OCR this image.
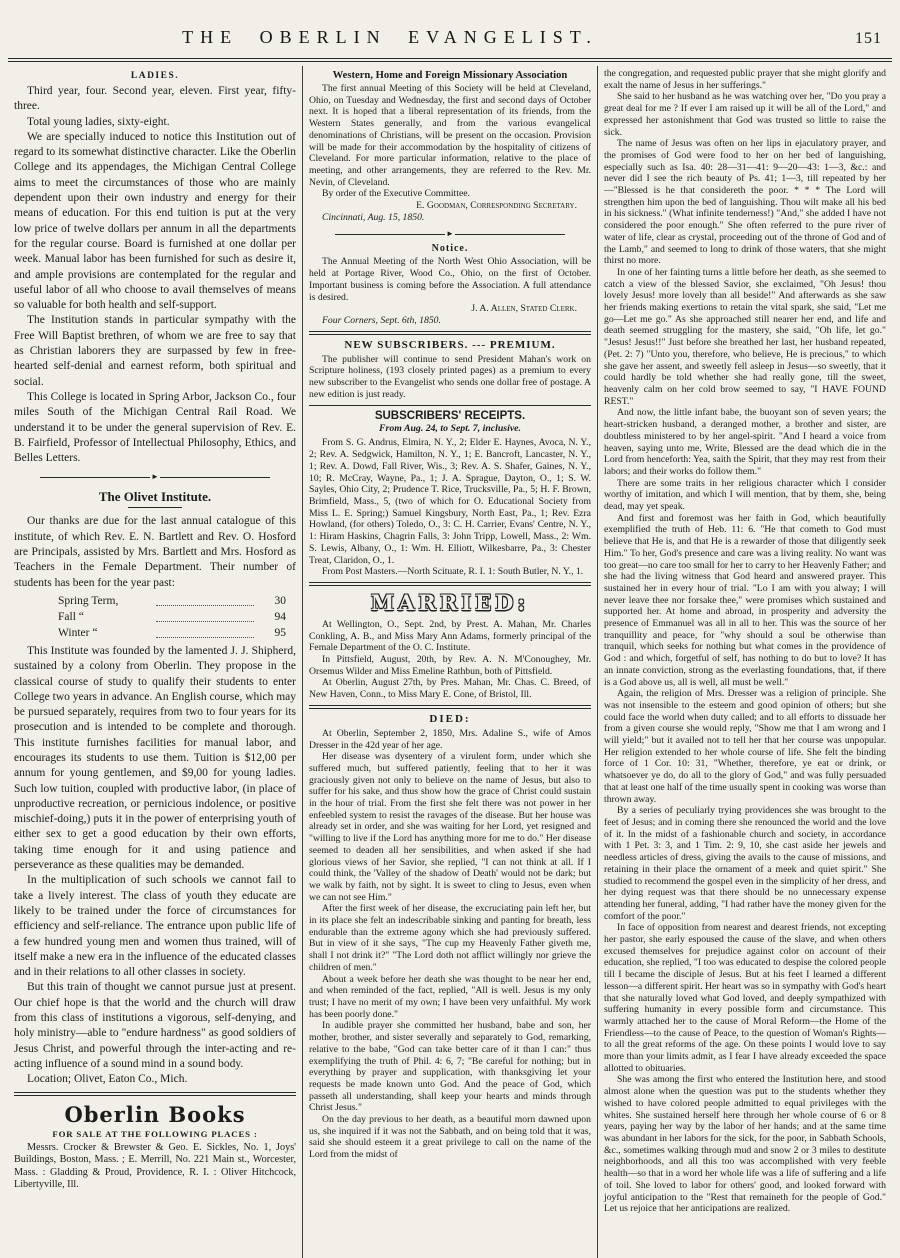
THE OBERLIN EVANGELIST.	151
LADIES.

Third year, four. Second year, eleven. First year, fifty-three.

Total young ladies, sixty-eight.

We are specially induced to notice this Institution out of regard to its somewhat distinctive character. Like the Oberlin College and its appendages, the Michigan Central College aims to meet the circumstances of those who are mainly dependent upon their own industry and energy for their means of education. For this end tuition is put at the very low price of twelve dollars per annum in all the departments for the regular course. Board is furnished at one dollar per week. Manual labor has been furnished for such as desire it, and ample provisions are contemplated for the regular and useful labor of all who choose to avail themselves of means so valuable for both health and self-support.

The Institution stands in particular sympathy with the Free Will Baptist brethren, of whom we are free to say that as Christian laborers they are surpassed by few in free-hearted self-denial and earnest reform, both spiritual and social.

This College is located in Spring Arbor, Jackson Co., four miles South of the Michigan Central Rail Road. We understand it to be under the general supervision of Rev. E. B. Fairfield, Professor of Intellectual Philosophy, Ethics, and Belles Letters.

►
The Olivet Institute.

Our thanks are due for the last annual catalogue of this institute, of which Rev. E. N. Bartlett and Rev. O. Hosford are Principals, assisted by Mrs. Bartlett and Mrs. Hosford as Teachers in the Female Department. Their number of students has been for the year past:

Spring Term,	30
Fall “	94
Winter “	95

This Institute was founded by the lamented J. J. Shipherd, sustained by a colony from Oberlin. They propose in the classical course of study to qualify their students to enter College two years in advance. An English course, which may be pursued separately, requires from two to four years for its prosecution and is intended to be complete and thorough. This institute furnishes facilities for manual labor, and encourages its students to use them. Tuition is $12,00 per annum for young gentlemen, and $9,00 for young ladies. Such low tuition, coupled with productive labor, (in place of unproductive recreation, or pernicious indolence, or positive mischief-doing,) puts it in the power of enterprising youth of either sex to get a good education by their own efforts, taking time enough for it and using patience and perseverance as these qualities may be demanded.

In the multiplication of such schools we cannot fail to take a lively interest. The class of youth they educate are likely to be trained under the force of circumstances for efficiency and self-reliance. The entrance upon public life of a few hundred young men and women thus trained, will of itself make a new era in the influence of the educated classes and in their relations to all other classes in society.

But this train of thought we cannot pursue just at present. Our chief hope is that the world and the church will draw from this class of institutions a vigorous, self-denying, and holy ministry—able to "endure hardness" as good soldiers of Jesus Christ, and powerful through the inter-acting and re-acting influence of a sound mind in a sound body.

Location; Olivet, Eaton Co., Mich.

Oberlin Books
FOR SALE AT THE FOLLOWING PLACES :

Messrs. Crocker & Brewster & Geo. E. Sickles, No. 1, Joys' Buildings, Boston, Mass. ; E. Merrill, No. 221 Main st., Worcester, Mass. : Gladding & Proud, Providence, R. I. : Oliver Hitchcock, Libertyville, Ill.

Western, Home and Foreign Missionary Association

The first annual Meeting of this Society will be held at Cleveland, Ohio, on Tuesday and Wednesday, the first and second days of October next. It is hoped that a liberal representation of its friends, from the Western States generally, and from the various evangelical denominations of Christians, will be present on the occasion. Provision will be made for their accommodation by the hospitality of citizens of Cleveland. For more particular information, relative to the place of meeting, and other arrangements, they are referred to the Rev. Mr. Nevin, of Cleveland.

By order of the Executive Committee.

E. Goodman, Corresponding Secretary.

Cincinnati, Aug. 15, 1850.

►
Notice.

The Annual Meeting of the North West Ohio Association, will be held at Portage River, Wood Co., Ohio, on the first of October. Important business is coming before the Association. A full attendance is desired.

J. A. Allen, Stated Clerk.

Four Corners, Sept. 6th, 1850.

NEW SUBSCRIBERS. --- PREMIUM.

The publisher will continue to send President Mahan's work on Scripture holiness, (193 closely printed pages) as a premium to every new subscriber to the Evangelist who sends one dollar free of postage. A new edition is just ready.

SUBSCRIBERS' RECEIPTS.
From Aug. 24, to Sept. 7, inclusive.

From S. G. Andrus, Elmira, N. Y., 2; Elder E. Haynes, Avoca, N. Y., 2; Rev. A. Sedgwick, Hamilton, N. Y., 1; E. Bancroft, Lancaster, N. Y., 1; Rev. A. Dowd, Fall River, Wis., 3; Rev. A. S. Shafer, Gaines, N. Y., 10; R. McCray, Wayne, Pa., 1; J. A. Sprague, Dayton, O., 1; S. W. Sayles, Ohio City, 2; Prudence T. Rice, Trucksville, Pa., 5; H. F. Brown, Brimfield, Mass., 5, (two of which for O. Educational Society from Miss L. E. Spring;) Samuel Kingsbury, North East, Pa., 1; Rev. Ezra Howland, (for others) Toledo, O., 3: C. H. Carrier, Evans' Centre, N. Y., 1: Hiram Haskins, Chagrin Falls, 3: John Tripp, Lowell, Mass., 2: Wm. S. Lewis, Albany, O., 1: Wm. H. Elliott, Wilkesbarre, Pa., 3: Chester Treat, Claridon, O., 1.

From Post Masters.—North Scituate, R. I. 1: South Butler, N. Y., 1.

MARRIED:

At Wellington, O., Sept. 2nd, by Prest. A. Mahan, Mr. Charles Conkling, A. B., and Miss Mary Ann Adams, formerly principal of the Female Department of the O. C. Institute.

In Pittsfield, August, 20th, by Rev. A. N. M'Conoughey, Mr. Orsemus Wilder and Miss Emeline Rathbun, both of Pittsfield.

At Oberlin, August 27th, by Pres. Mahan, Mr. Chas. C. Breed, of New Haven, Conn., to Miss Mary E. Cone, of Bristol, Ill.

DIED:

At Oberlin, September 2, 1850, Mrs. Adaline S., wife of Amos Dresser in the 42d year of her age.

Her disease was dysentery of a virulent form, under which she suffered much, but suffered patiently, feeling that to her it was graciously given not only to believe on the name of Jesus, but also to suffer for his sake, and thus show how the grace of Christ could sustain in the hour of trial. From the first she felt there was not power in her enfeebled system to resist the ravages of the disease. But her house was already set in order, and she was waiting for her Lord, yet resigned and "willing to live if the Lord has anything more for me to do." Her disease seemed to deaden all her sensibilities, and when asked if she had glorious views of her Savior, she replied, "I can not think at all. If I could think, the 'Valley of the shadow of Death' would not be dark; but we walk by faith, not by sight. It is sweet to cling to Jesus, even when we can not see Him."

After the first week of her disease, the excruciating pain left her, but in its place she felt an indescribable sinking and panting for breath, less endurable than the extreme agony which she had previously suffered. But in view of it she says, "The cup my Heavenly Father giveth me, shall I not drink it?" "The Lord doth not afflict willingly nor grieve the children of men."

About a week before her death she was thought to be near her end, and when reminded of the fact, replied, "All is well. Jesus is my only trust; I have no merit of my own; I have been very unfaithful. My work has been poorly done."

In audible prayer she committed her husband, babe and son, her mother, brother, and sister severally and separately to God, remarking, relative to the babe, "God can take better care of it than I can:" thus exemplifying the truth of Phil. 4: 6, 7; "Be careful for nothing; but in everything by prayer and supplication, with thanksgiving let your requests be made known unto God. And the peace of God, which passeth all understanding, shall keep your hearts and minds through Christ Jesus."

On the day previous to her death, as a beautiful morn dawned upon us, she inquired if it was not the Sabbath, and on being told that it was, said she should esteem it a great privilege to call on the name of the Lord from the midst of

the congregation, and requested public prayer that she might glorify and exalt the name of Jesus in her sufferings."

She said to her husband as he was watching over her, "Do you pray a great deal for me ? If ever I am raised up it will be all of the Lord," and expressed her astonishment that God was trusted so little to raise the sick.

The name of Jesus was often on her lips in ejaculatory prayer, and the promises of God were food to her on her bed of languishing, especially such as Isa. 40: 28—31—41: 9—20—43: 1—3, &c.: and never did I see the rich beauty of Ps. 41; 1—3, till repeated by her—"Blessed is he that considereth the poor. * * * The Lord will strengthen him upon the bed of languishing. Thou wilt make all his bed in his sickness." (What infinite tenderness!) "And," she added I have not considered the poor enough." She often referred to the pure river of water of life, clear as crystal, proceeding out of the throne of God and of the Lamb," and seemed to long to drink of those waters, that she might thirst no more.

In one of her fainting turns a little before her death, as she seemed to catch a view of the blessed Savior, she exclaimed, "Oh Jesus! thou lovely Jesus! more lovely than all beside!" And afterwards as she saw her friends making exertions to retain the vital spark, she said, "Let me go—Let me go." As she approached still nearer her end, and life and death seemed struggling for the mastery, she said, "Oh life, let go." "Jesus! Jesus!!" Just before she breathed her last, her husband repeated, (Pet. 2: 7) "Unto you, therefore, who believe, He is precious," to which she gave her assent, and sweetly fell asleep in Jesus—so sweetly, that it could hardly be told whether she had really gone, till the sweet, heavenly calm on her cold brow seemed to say, "I HAVE FOUND REST."

And now, the little infant babe, the buoyant son of seven years; the heart-stricken husband, a deranged mother, a brother and sister, are doubtless ministered to by her angel-spirit. "And I heard a voice from heaven, saying unto me, Write, Blessed are the dead which die in the Lord from henceforth: Yea, saith the Spirit, that they may rest from their labors; and their works do follow them."

There are some traits in her religious character which I consider worthy of imitation, and which I will mention, that by them, she, being dead, may yet speak.

And first and foremost was her faith in God, which beautifully exemplified the truth of Heb. 11: 6. "He that cometh to God must believe that He is, and that He is a rewarder of those that diligently seek Him." To her, God's presence and care was a living reality. No want was too great—no care too small for her to carry to her Heavenly Father; and she had the living witness that God heard and answered prayer. This sustained her in every hour of trial. "Lo I am with you alway; I will never leave thee nor forsake thee," were promises which sustained and supported her. At home and abroad, in prosperity and adversity the presence of Emmanuel was all in all to her. This was the source of her tranquillity and peace, for "why should a soul be otherwise than tranquil, which seeks for nothing but what comes in the providence of God : and which, forgetful of self, has nothing to do but to love? It has an innate conviction, strong as the everlasting foundations, that, if there is a God above us, all is well, all must be well."

Again, the religion of Mrs. Dresser was a religion of principle. She was not insensible to the esteem and good opinion of others; but she could face the world when duty called; and to all efforts to dissuade her from a given course she would reply, "Show me that I am wrong and I will yield;" but it availed not to tell her that her course was unpopular. Her religion extended to her whole course of life. She felt the binding force of 1 Cor. 10: 31, "Whether, therefore, ye eat or drink, or whatsoever ye do, do all to the glory of God," and was fully persuaded that at least one half of the time usually spent in cooking was worse than thrown away.

By a series of peculiarly trying providences she was brought to the feet of Jesus; and in coming there she renounced the world and the love of it. In the midst of a fashionable church and society, in accordance with 1 Pet. 3: 3, and 1 Tim. 2: 9, 10, she cast aside her jewels and needless articles of dress, giving the avails to the cause of missions, and retaining in their place the ornament of a meek and quiet spirit." She studied to recommend the gospel even in the simplicity of her dress, and her dying request was that there should be no unnecessary expense attending her funeral, adding, "I had rather have the money given for the comfort of the poor."

In face of opposition from nearest and dearest friends, not excepting her pastor, she early espoused the cause of the slave, and when others excused themselves for prejudice against color on account of their education, she replied, "I too was educated to despise the colored people till I became the disciple of Jesus. But at his feet I learned a different lesson—a different spirit. Her heart was so in sympathy with God's heart that she naturally loved what God loved, and deeply sympathized with suffering humanity in every possible form and circumstance. This warmly attached her to the cause of Moral Reform—the Home of the Friendless—to the cause of Peace, to the question of Woman's Rights—to all the great reforms of the age. On these points I would love to say more than your limits admit, as I fear I have already exceeded the space allotted to obituaries.

She was among the first who entered the Institution here, and stood almost alone when the question was put to the students whether they wished to have colored people admitted to equal privileges with the whites. She sustained herself here through her whole course of 6 or 8 years, paying her way by the labor of her hands; and at the same time was abundant in her labors for the sick, for the poor, in Sabbath Schools, &c., sometimes walking through mud and snow 2 or 3 miles to destitute neighborhoods, and all this too was accomplished with very feeble health—so that in a word her whole life was a life of suffering and a life of toil. She loved to labor for others' good, and looked forward with joyful anticipation to the "Rest that remaineth for the people of God." Let us rejoice that her anticipations are realized.
